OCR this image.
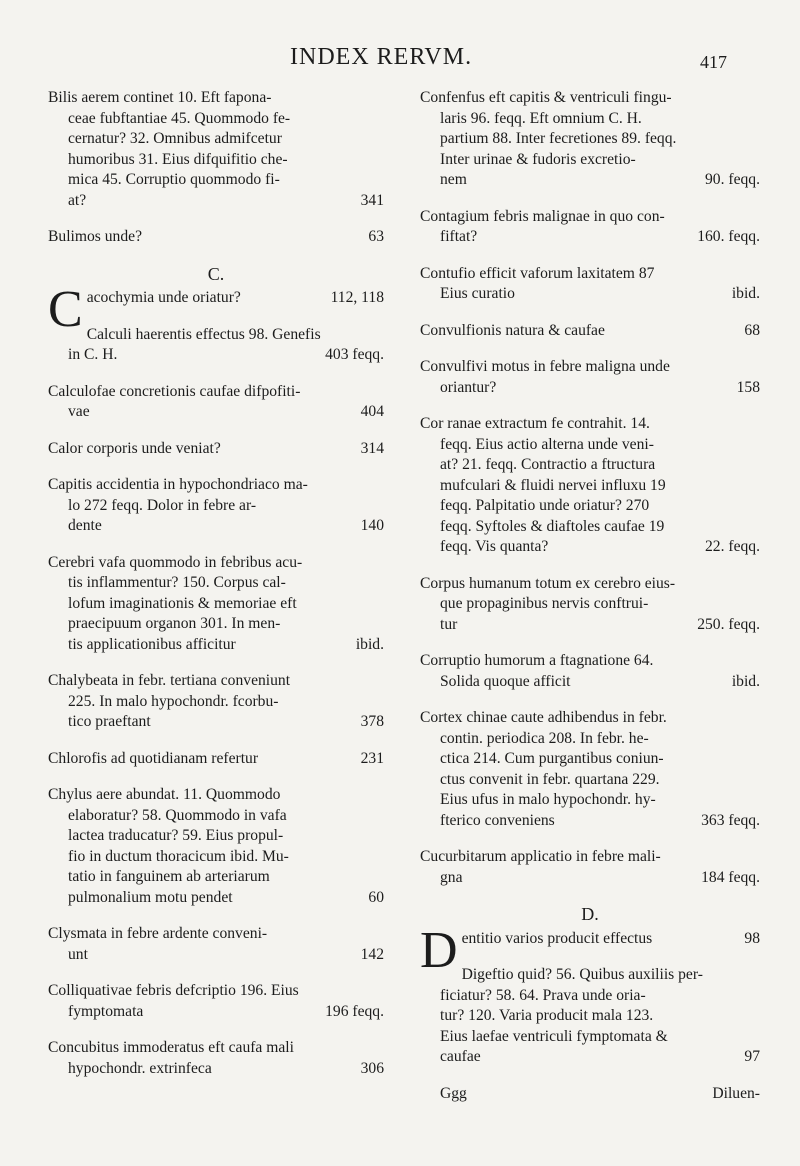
INDEX RERVM.	417
Bilis aerem continet 10. Eft fapona-
ceae fubftantiae 45. Quommodo fe-
cernatur? 32. Omnibus admifcetur
humoribus 31. Eius difquifitio che-
mica 45. Corruptio quommodo fi-
at?	341
Bulimos unde?	63
C.
C acochymia unde oriatur?	112, 118
Calculi haerentis effectus 98. Genefis
in C. H.	403 feqq.
Calculofae concretionis caufae difpofiti-
vae	404
Calor corporis unde veniat?	314
Capitis accidentia in hypochondriaco ma-
lo 272 feqq. Dolor in febre ar-
dente	140
Cerebri vafa quommodo in febribus acu-
tis inflammentur? 150. Corpus cal-
lofum imaginationis & memoriae eft
praecipuum organon 301. In men-
tis applicationibus afficitur	ibid.
Chalybeata in febr. tertiana conveniunt
225. In malo hypochondr. fcorbu-
tico praeftant	378
Chlorofis ad quotidianam refertur	231
Chylus aere abundat. 11. Quommodo
elaboratur? 58. Quommodo in vafa
lactea traducatur? 59. Eius propul-
fio in ductum thoracicum ibid. Mu-
tatio in fanguinem ab arteriarum
pulmonalium motu pendet	60
Clysmata in febre ardente conveni-
unt	142
Colliquativae febris defcriptio 196. Eius
fymptomata	196 feqq.
Concubitus immoderatus eft caufa mali
hypochondr. extrinfeca	306
Confenfus eft capitis & ventriculi fingu-
laris 96. feqq. Eft omnium C. H.
partium 88. Inter fecretiones 89. feqq.
Inter urinae & fudoris excretio-
nem	90. feqq.
Contagium febris malignae in quo con-
fiftat?	160. feqq.
Contufio efficit vaforum laxitatem 87
Eius curatio	ibid.
Convulfionis natura & caufae	68
Convulfivi motus in febre maligna unde
oriantur?	158
Cor ranae extractum fe contrahit. 14.
feqq. Eius actio alterna unde veni-
at? 21. feqq. Contractio a ftructura
mufculari & fluidi nervei influxu 19
feqq. Palpitatio unde oriatur? 270
feqq. Syftoles & diaftoles caufae 19
feqq. Vis quanta?	22. feqq.
Corpus humanum totum ex cerebro eius-
que propaginibus nervis conftrui-
tur	250. feqq.
Corruptio humorum a ftagnatione 64.
Solida quoque afficit	ibid.
Cortex chinae caute adhibendus in febr.
contin. periodica 208. In febr. he-
ctica 214. Cum purgantibus coniun-
ctus convenit in febr. quartana 229.
Eius ufus in malo hypochondr. hy-
fterico conveniens	363 feqq.
Cucurbitarum applicatio in febre mali-
gna	184 feqq.
D.
D entitio varios producit effectus	98
Digeftio quid? 56. Quibus auxiliis per-
ficiatur? 58. 64. Prava unde oria-
tur? 120. Varia producit mala 123.
Eius laefae ventriculi fymptomata &
caufae	97
Ggg	Diluen-
